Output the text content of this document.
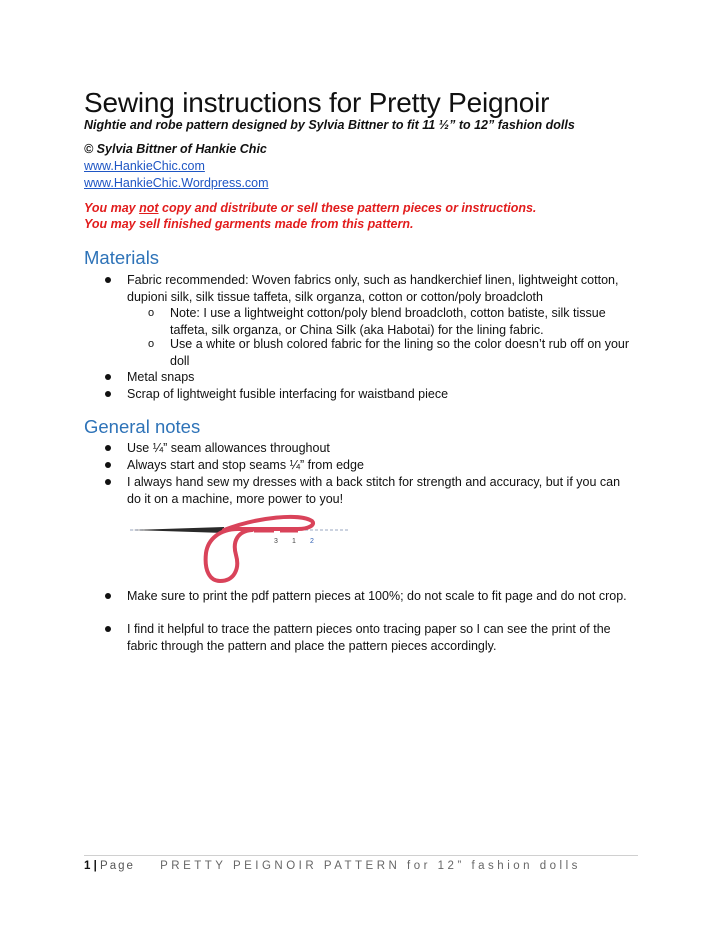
Sewing instructions for Pretty Peignoir
Nightie and robe pattern designed by Sylvia Bittner to fit 11 ½” to 12” fashion dolls
© Sylvia Bittner of Hankie Chic
www.HankieChic.com
www.HankieChic.Wordpress.com
You may not copy and distribute or sell these pattern pieces or instructions.
You may sell finished garments made from this pattern.
Materials
Fabric recommended: Woven fabrics only, such as handkerchief linen, lightweight cotton, dupioni silk, silk tissue taffeta, silk organza, cotton or cotton/poly broadcloth
o Note: I use a lightweight cotton/poly blend broadcloth, cotton batiste, silk tissue taffeta, silk organza, or China Silk (aka Habotai) for the lining fabric.
o Use a white or blush colored fabric for the lining so the color doesn’t rub off on your doll
Metal snaps
Scrap of lightweight fusible interfacing for waistband piece
General notes
Use ¼” seam allowances throughout
Always start and stop seams ¼” from edge
I always hand sew my dresses with a back stitch for strength and accuracy, but if you can do it on a machine, more power to you!
3 1 2
Make sure to print the pdf pattern pieces at 100%; do not scale to fit page and do not crop.
I find it helpful to trace the pattern pieces onto tracing paper so I can see the print of the fabric through the pattern and place the pattern pieces accordingly.
1 | Page PRETTY PEIGNOIR PATTERN for 12” fashion dolls
